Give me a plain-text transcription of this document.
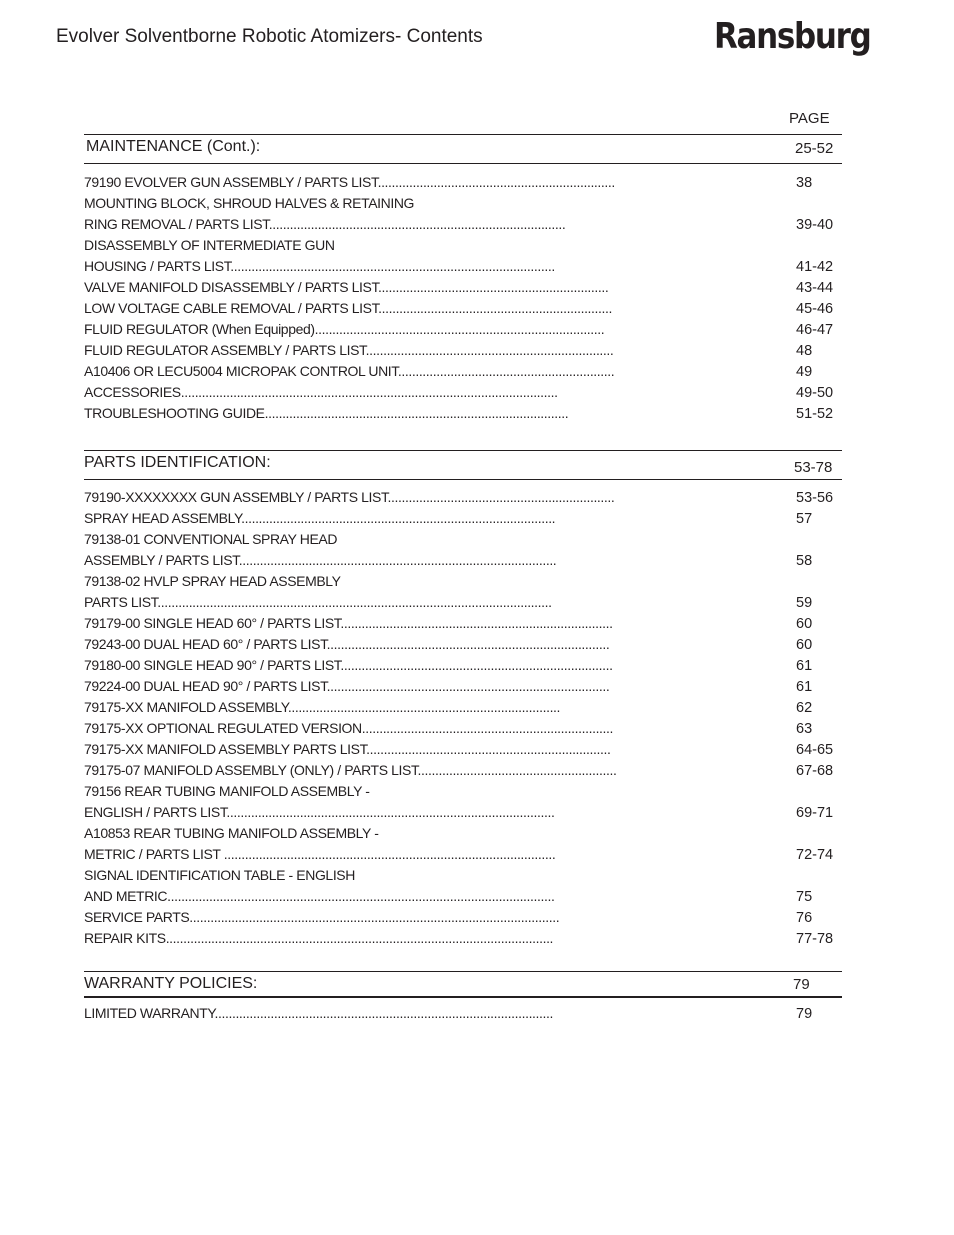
Evolver Solventborne Robotic Atomizers- Contents	Ransburg
PAGE
MAINTENANCE (Cont.):	25-52
79190 EVOLVER GUN ASSEMBLY / PARTS LIST....................................................................	38
MOUNTING BLOCK, SHROUD HALVES & RETAINING
RING REMOVAL / PARTS LIST.....................................................................................	39-40
DISASSEMBLY OF INTERMEDIATE GUN
HOUSING / PARTS LIST.............................................................................................	41-42
VALVE MANIFOLD DISASSEMBLY / PARTS LIST..................................................................	43-44
LOW VOLTAGE CABLE REMOVAL / PARTS LIST...................................................................	45-46
FLUID REGULATOR (When Equipped)...................................................................................	46-47
FLUID REGULATOR ASSEMBLY / PARTS LIST.......................................................................	48
A10406 OR LECU5004 MICROPAK CONTROL UNIT..............................................................	49
ACCESSORIES............................................................................................................	49-50
TROUBLESHOOTING GUIDE.......................................................................................	51-52
PARTS IDENTIFICATION:	53-78
79190-XXXXXXXX GUN ASSEMBLY / PARTS LIST.................................................................	53-56
SPRAY HEAD ASSEMBLY..........................................................................................	57
79138-01 CONVENTIONAL SPRAY HEAD
ASSEMBLY / PARTS LIST...........................................................................................	58
79138-02 HVLP SPRAY HEAD ASSEMBLY
PARTS LIST.................................................................................................................	59
79179-00 SINGLE HEAD 60° / PARTS LIST..............................................................................	60
79243-00 DUAL HEAD 60° / PARTS LIST.................................................................................	60
79180-00 SINGLE HEAD 90° / PARTS LIST..............................................................................	61
79224-00 DUAL HEAD 90° / PARTS LIST.................................................................................	61
79175-XX MANIFOLD ASSEMBLY..............................................................................	62
79175-XX OPTIONAL REGULATED VERSION........................................................................	63
79175-XX MANIFOLD ASSEMBLY PARTS LIST......................................................................	64-65
79175-07 MANIFOLD ASSEMBLY (ONLY) / PARTS LIST.........................................................	67-68
79156 REAR TUBING MANIFOLD ASSEMBLY -
ENGLISH / PARTS LIST..............................................................................................	69-71
A10853 REAR TUBING MANIFOLD ASSEMBLY -
METRIC / PARTS LIST ...............................................................................................	72-74
SIGNAL IDENTIFICATION TABLE - ENGLISH
AND METRIC...............................................................................................................	75
SERVICE PARTS..........................................................................................................	76
REPAIR KITS...............................................................................................................	77-78
WARRANTY POLICIES:	79
LIMITED WARRANTY.................................................................................................	79
